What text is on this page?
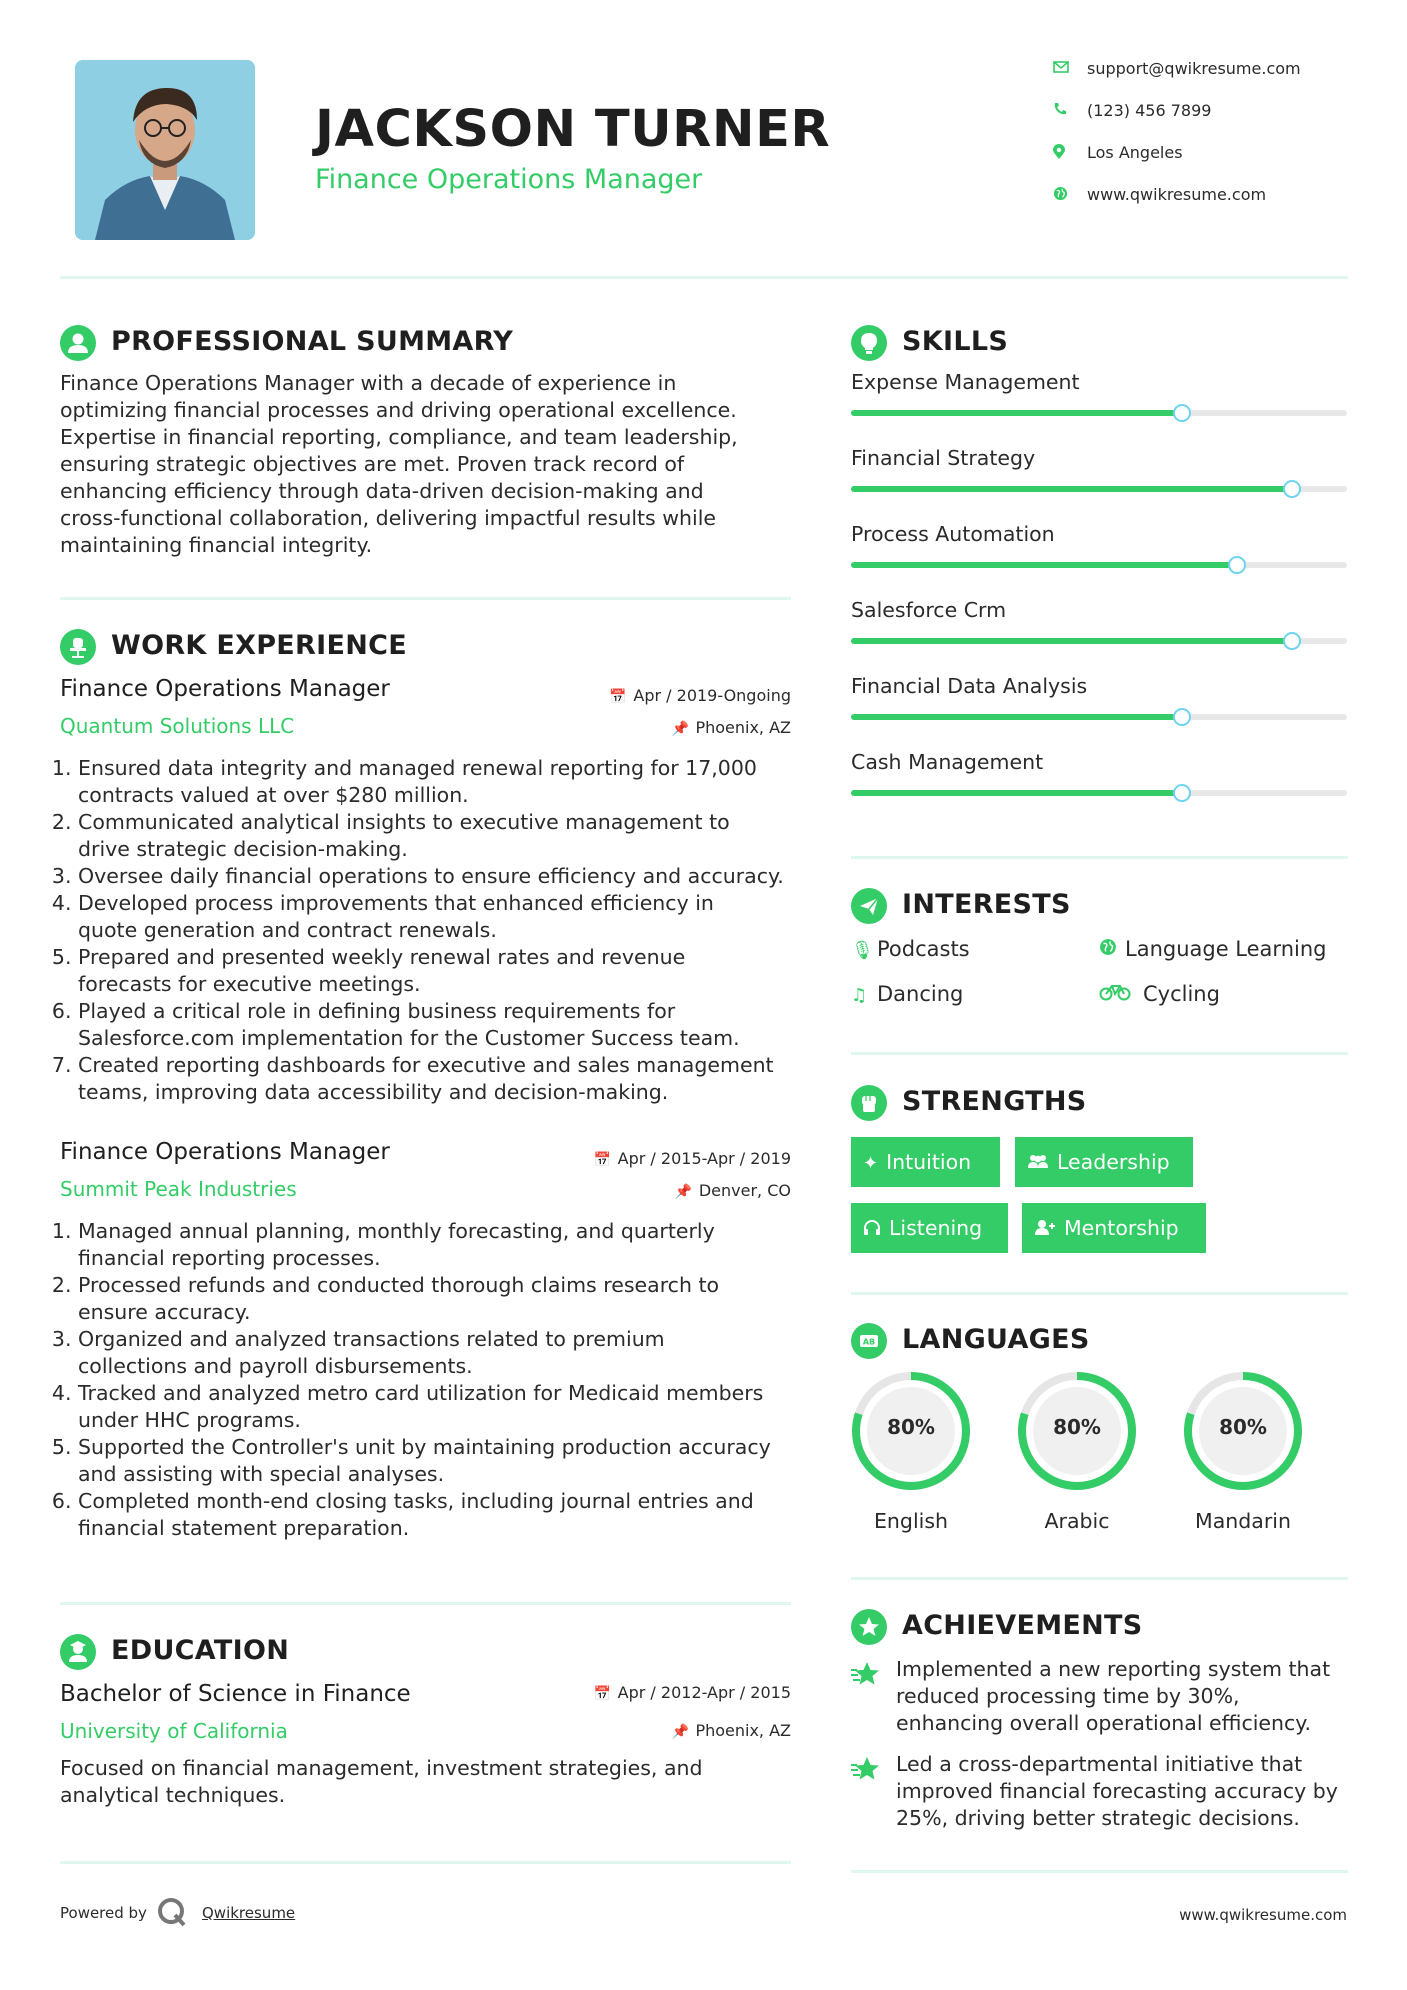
JACKSON TURNER
Finance Operations Manager
support@qwikresume.com
(123) 456 7899
Los Angeles
www.qwikresume.com
PROFESSIONAL SUMMARY
Finance Operations Manager with a decade of experience in
optimizing financial processes and driving operational excellence.
Expertise in financial reporting, compliance, and team leadership,
ensuring strategic objectives are met. Proven track record of
enhancing efficiency through data-driven decision-making and
cross-functional collaboration, delivering impactful results while
maintaining financial integrity.
WORK EXPERIENCE
Finance Operations Manager
Quantum Solutions LLC
📅 Apr / 2019-Ongoing
📌 Phoenix, AZ
1. Ensured data integrity and managed renewal reporting for 17,000
contracts valued at over $280 million.
2. Communicated analytical insights to executive management to
drive strategic decision-making.
3. Oversee daily financial operations to ensure efficiency and accuracy.
4. Developed process improvements that enhanced efficiency in
quote generation and contract renewals.
5. Prepared and presented weekly renewal rates and revenue
forecasts for executive meetings.
6. Played a critical role in defining business requirements for
Salesforce.com implementation for the Customer Success team.
7. Created reporting dashboards for executive and sales management
teams, improving data accessibility and decision-making.
Finance Operations Manager
Summit Peak Industries
📅 Apr / 2015-Apr / 2019
📌 Denver, CO
1. Managed annual planning, monthly forecasting, and quarterly
financial reporting processes.
2. Processed refunds and conducted thorough claims research to
ensure accuracy.
3. Organized and analyzed transactions related to premium
collections and payroll disbursements.
4. Tracked and analyzed metro card utilization for Medicaid members
under HHC programs.
5. Supported the Controller's unit by maintaining production accuracy
and assisting with special analyses.
6. Completed month-end closing tasks, including journal entries and
financial statement preparation.
EDUCATION
Bachelor of Science in Finance
University of California
📅 Apr / 2012-Apr / 2015
📌 Phoenix, AZ
Focused on financial management, investment strategies, and
analytical techniques.
SKILLS
Expense Management
Financial Strategy
Process Automation
Salesforce Crm
Financial Data Analysis
Cash Management
INTERESTS
🎙 Podcasts	Language Learning
♫ Dancing	Cycling
STRENGTHS
✦ Intuition	Leadership
Listening	Mentorship
AB LANGUAGES
80%
English
80%
Arabic
80%
Mandarin
ACHIEVEMENTS
Implemented a new reporting system that
reduced processing time by 30%,
enhancing overall operational efficiency.
Led a cross-departmental initiative that
improved financial forecasting accuracy by
25%, driving better strategic decisions.
Powered by	Qwikresume	www.qwikresume.com
